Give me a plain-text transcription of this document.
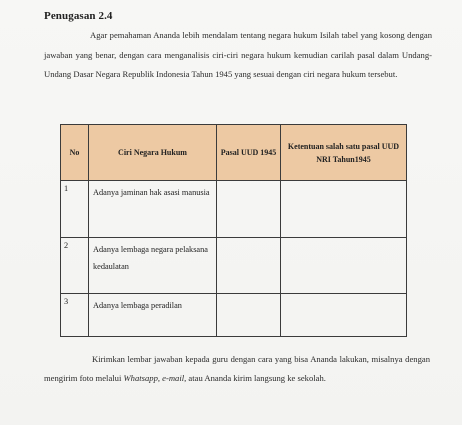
Penugasan 2.4
Agar pemahaman Ananda lebih mendalam tentang negara hukum Isilah tabel yang kosong dengan jawaban yang benar, dengan cara menganalisis ciri-ciri negara hukum kemudian carilah pasal dalam Undang-Undang Dasar Negara Republik Indonesia Tahun 1945 yang sesuai dengan ciri negara hukum tersebut.
No	Ciri Negara Hukum	Pasal UUD 1945	Ketentuan salah satu pasal UUD NRI Tahun1945
1	Adanya jaminan hak asasi manusia		
2	Adanya lembaga negara pelaksana kedaulatan		
3	Adanya lembaga peradilan		
Kirimkan lembar jawaban kepada guru dengan cara yang bisa Ananda lakukan, misalnya dengan mengirim foto melalui Whatsapp, e-mail, atau Ananda kirim langsung ke sekolah.
